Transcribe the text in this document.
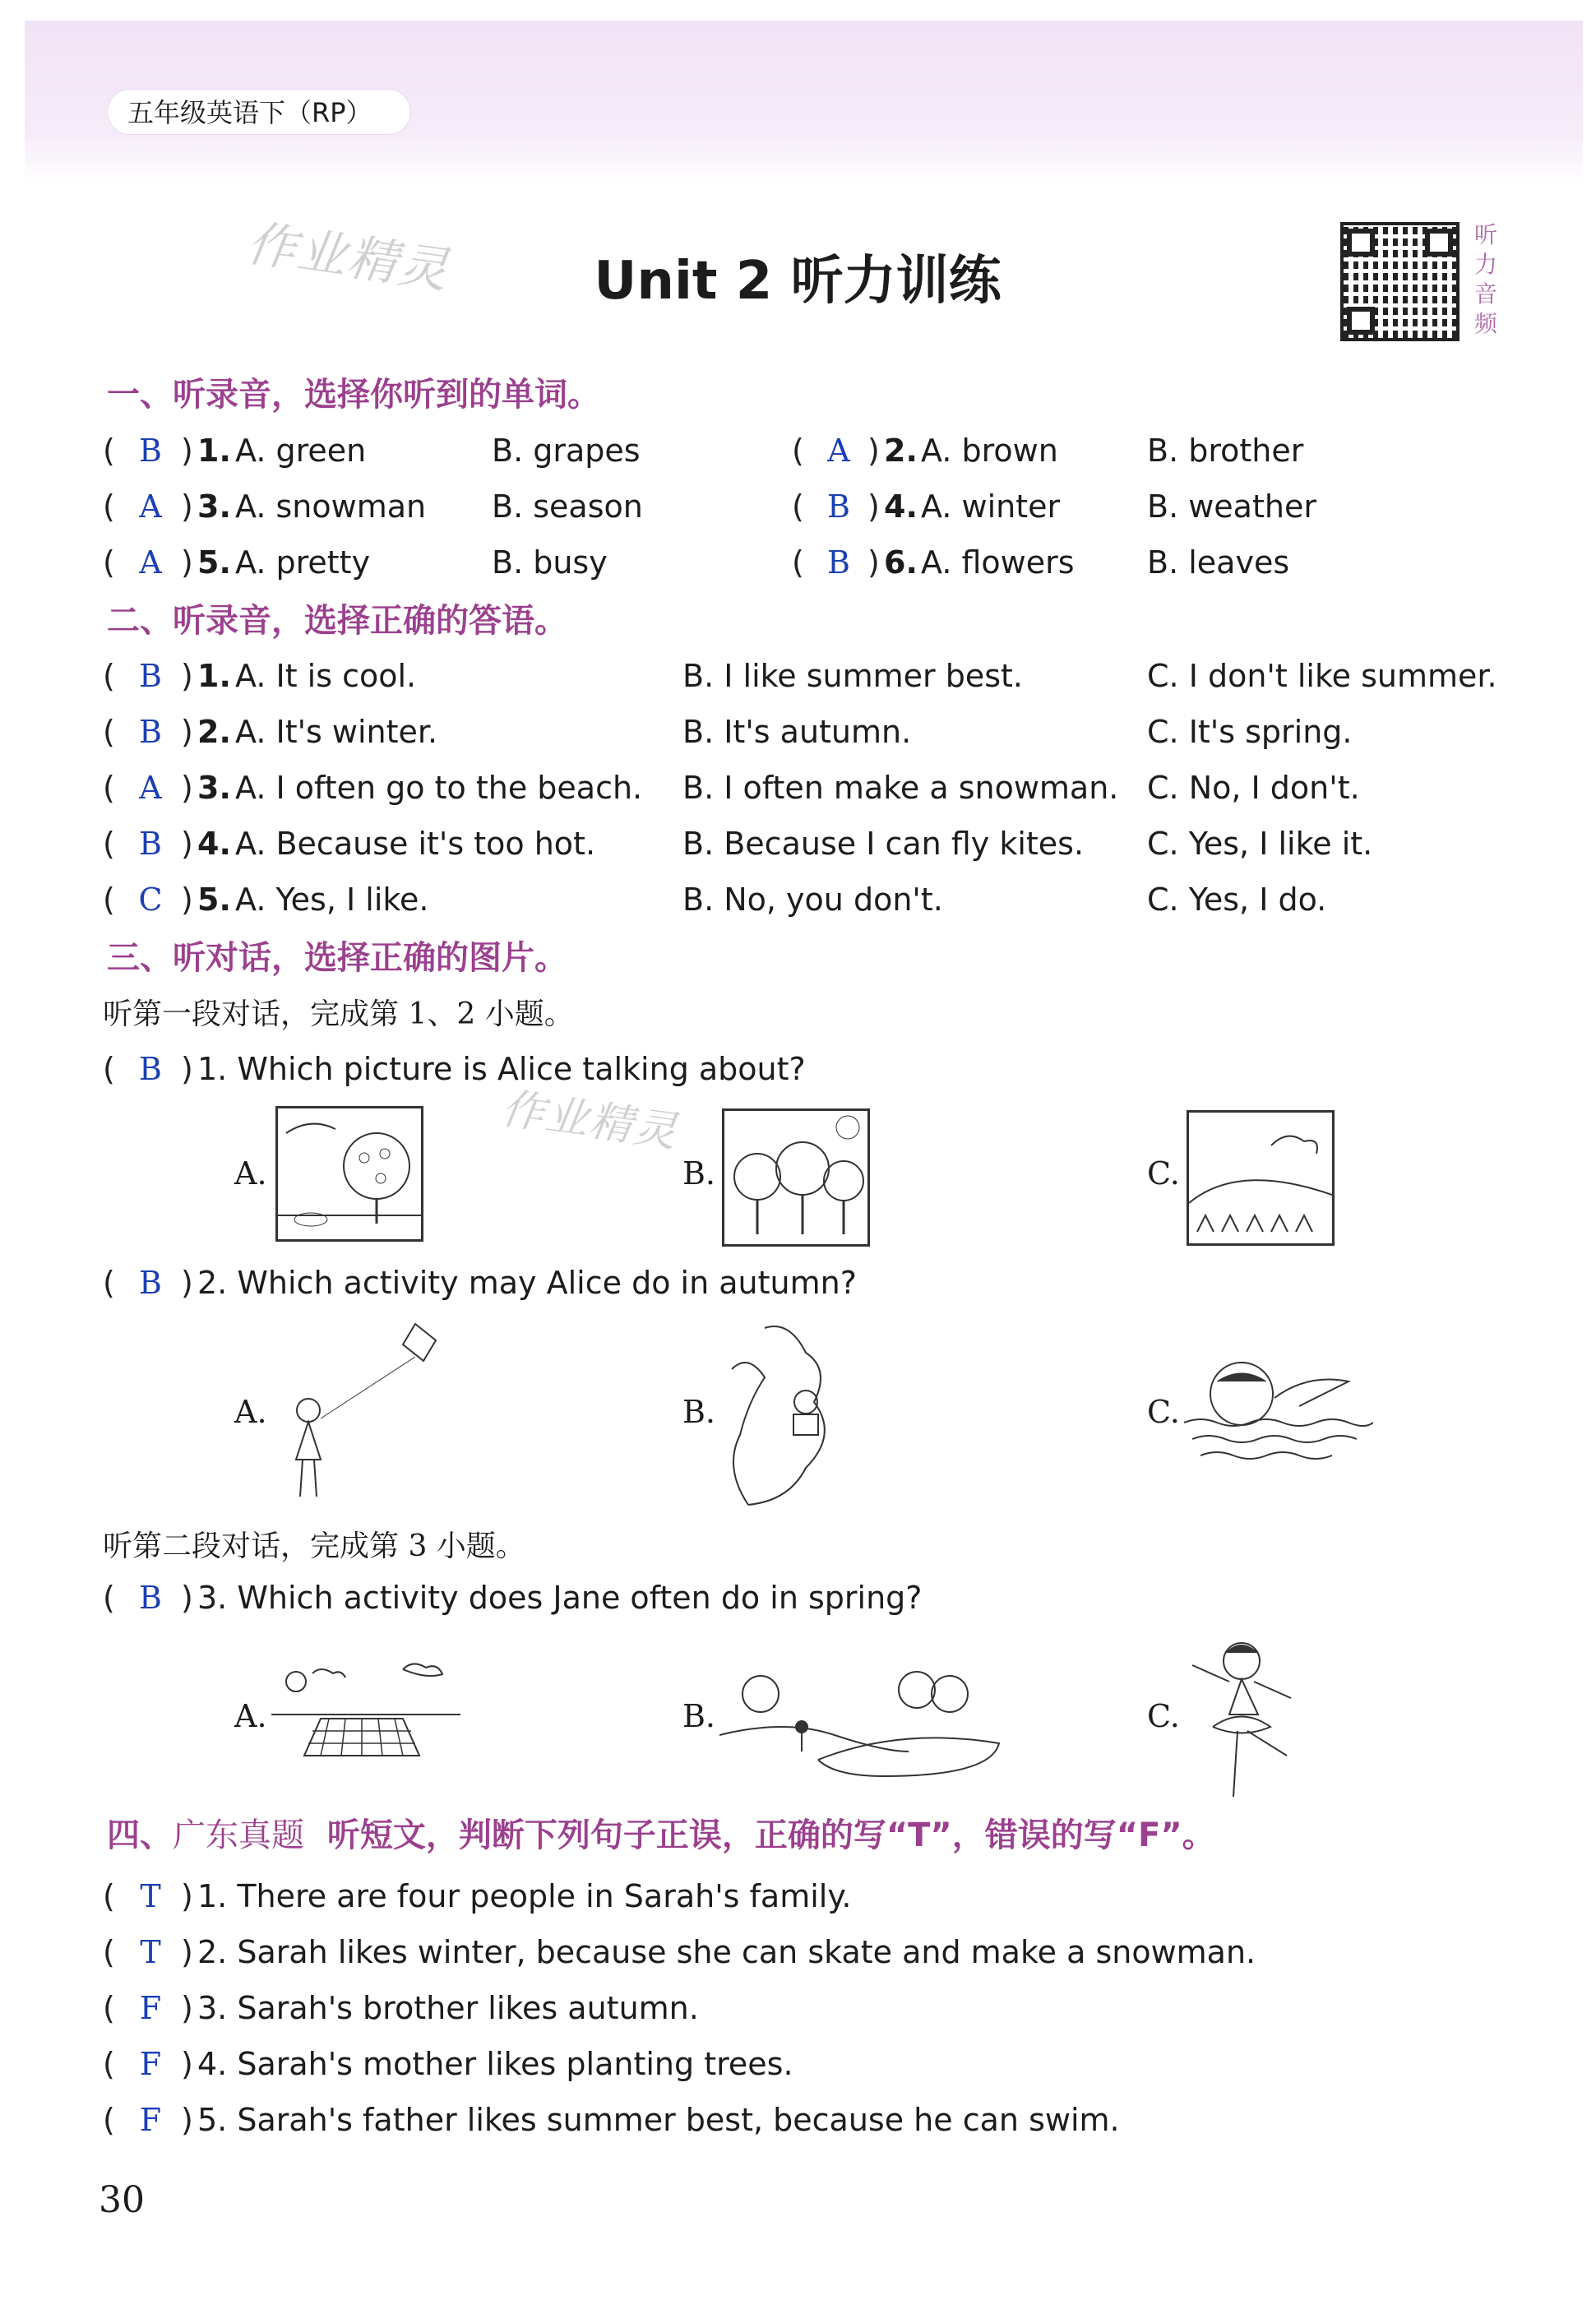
五年级英语下（RP）
作业精灵	Unit 2 听力训练
听力音频
一、听录音，选择你听到的单词。
( B ) 1. A. green	B. grapes	( A ) 2. A. brown	B. brother
( A ) 3. A. snowman B. season	( B ) 4. A. winter	B. weather
( A ) 5. A. pretty	B. busy	( B ) 6. A. flowers B. leaves
二、听录音，选择正确的答语。
( B ) 1. A. It is cool.	B. I like summer best.	C. I don't like summer.
( B ) 2. A. It's winter.	B. It's autumn.	C. It's spring.
( A ) 3. A. I often go to the beach. B. I often make a snowman. C. No, I don't.
( B ) 4. A. Because it's too hot.	B. Because I can fly kites. C. Yes, I like it.
( C ) 5. A. Yes, I like.	B. No, you don't.	C. Yes, I do.
三、听对话，选择正确的图片。
听第一段对话，完成第 1、2 小题。
( B ) 1. Which picture is Alice talking about?
作业精灵
A.	B.	C.
( B ) 2. Which activity may Alice do in autumn?
A.	B.	C.
听第二段对话，完成第 3 小题。
( B ) 3. Which activity does Jane often do in spring?
A.	B.	C.
四、广东真题 听短文，判断下列句子正误，正确的写“T”，错误的写“F”。
( T ) 1. There are four people in Sarah's family.
( T ) 2. Sarah likes winter, because she can skate and make a snowman.
( F ) 3. Sarah's brother likes autumn.
( F ) 4. Sarah's mother likes planting trees.
( F ) 5. Sarah's father likes summer best, because he can swim.
30
